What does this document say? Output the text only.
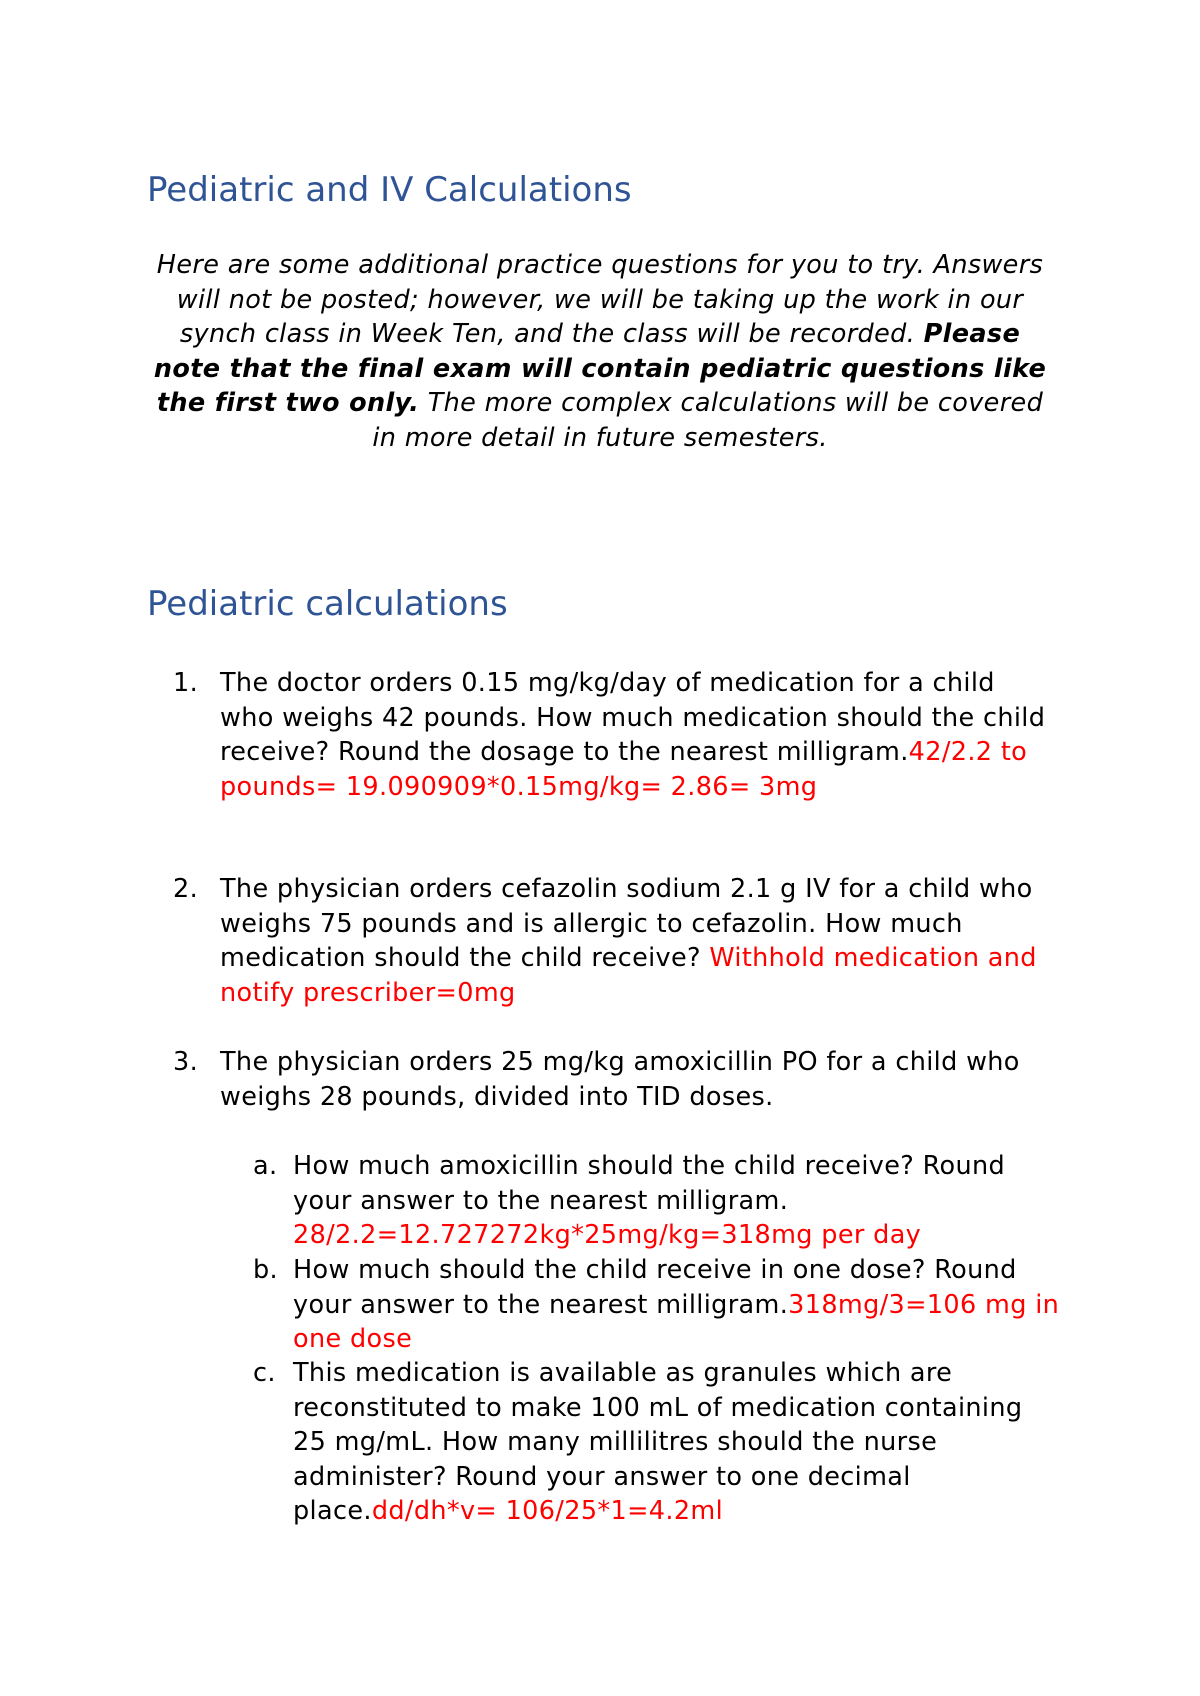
Pediatric and IV Calculations

Here are some additional practice questions for you to try. Answers will not be posted; however, we will be taking up the work in our synch class in Week Ten, and the class will be recorded. Please note that the final exam will contain pediatric questions like the first two only. The more complex calculations will be covered in more detail in future semesters.

Pediatric calculations

1. The doctor orders 0.15 mg/kg/day of medication for a child who weighs 42 pounds. How much medication should the child receive? Round the dosage to the nearest milligram.42/2.2 to pounds= 19.090909*0.15mg/kg= 2.86= 3mg

2. The physician orders cefazolin sodium 2.1 g IV for a child who weighs 75 pounds and is allergic to cefazolin. How much medication should the child receive? Withhold medication and notify prescriber=0mg

3. The physician orders 25 mg/kg amoxicillin PO for a child who weighs 28 pounds, divided into TID doses.

a. How much amoxicillin should the child receive? Round your answer to the nearest milligram. 28/2.2=12.727272kg*25mg/kg=318mg per day

b. How much should the child receive in one dose? Round your answer to the nearest milligram.318mg/3=106 mg in one dose

c. This medication is available as granules which are reconstituted to make 100 mL of medication containing 25 mg/mL. How many millilitres should the nurse administer? Round your answer to one decimal place.dd/dh*v= 106/25*1=4.2ml
